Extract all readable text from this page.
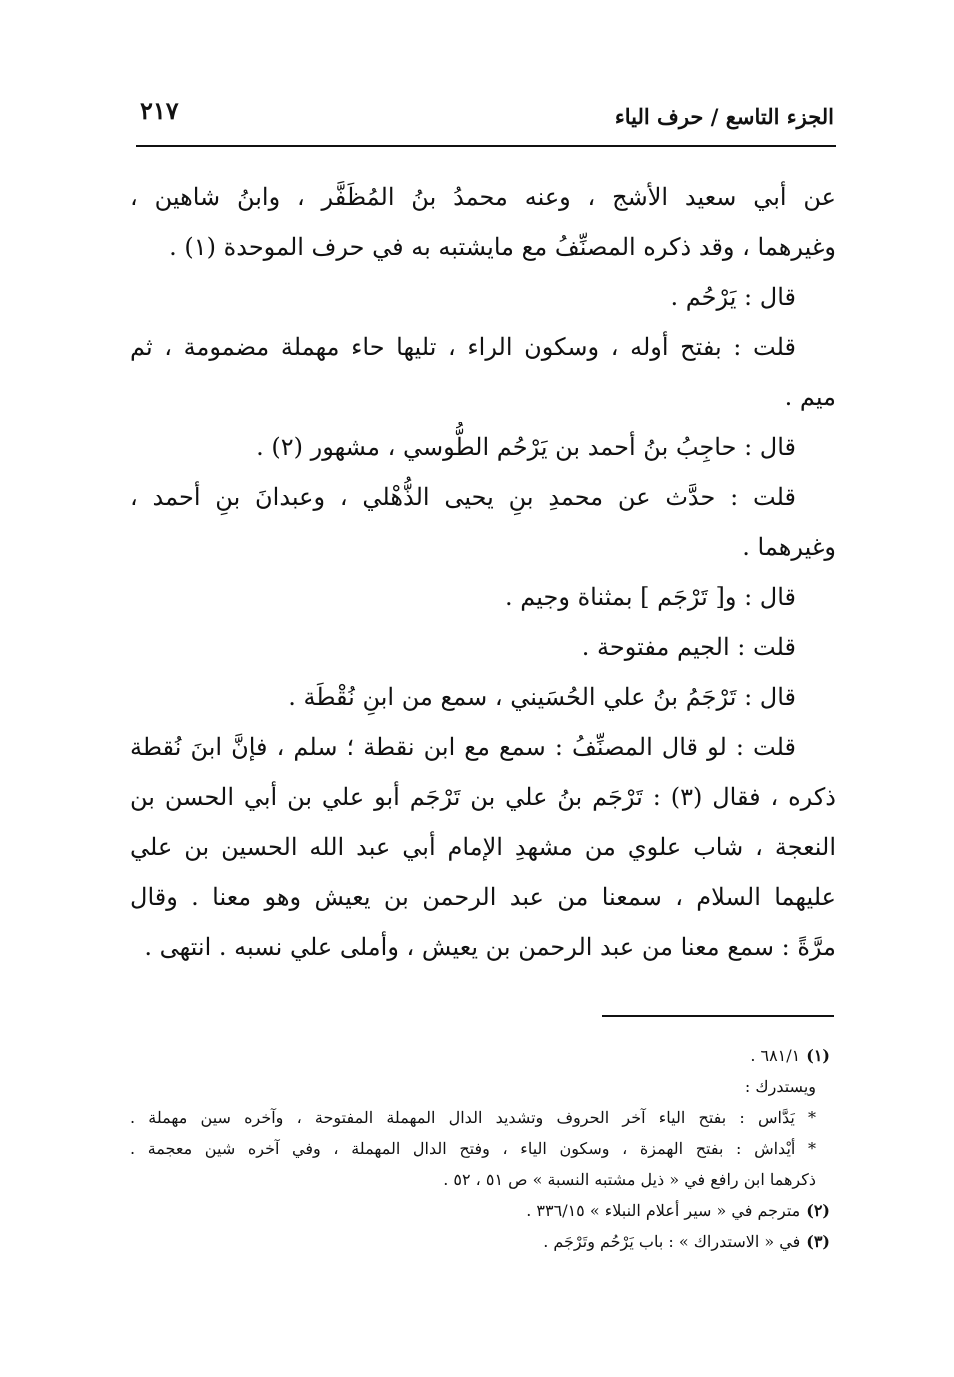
الجزء التاسع / حرف الياء
٢١٧
عن أبي سعيد الأشج ، وعنه محمدُ بنُ المُظَفَّر ، وابنُ شاهين ،
وغيرهما ، وقد ذكره المصنِّفُ مع مايشتبه به في حرف الموحدة (١) .
قال : يَرْحُم .
قلت : بفتح أوله ، وسكون الراء ، تليها حاء مهملة مضمومة ، ثم
ميم .
قال : حاجِبُ بنُ أحمد بن يَرْحُم الطُّوسي ، مشهور (٢) .
قلت : حدَّث عن محمدِ بنِ يحيى الذُّهْلي ، وعبدانَ بنِ أحمد ،
وغيرهما .
قال : و[ تَرْجَم ] بمثناة وجيم .
قلت : الجيم مفتوحة .
قال : تَرْجَمُ بنُ علي الحُسَيني ، سمع من ابنِ نُقْطَة .
قلت : لو قال المصنِّفُ : سمع مع ابن نقطة ؛ سلم ، فإنَّ ابنَ نُقطة
ذكره ، فقال (٣) : تَرْجَم بنُ علي بن تَرْجَم أبو علي بن أبي الحسن بن
النعجة ، شاب علوي من مشهدِ الإمام أبي عبد الله الحسين بن علي
عليهما السلام ، سمعنا من عبد الرحمن بن يعيش وهو معنا . وقال
مرَّةً : سمع معنا من عبد الرحمن بن يعيش ، وأملى علي نسبه . انتهى .
(١)٦٨١/١ .
ويستدرك :
* يَدَّاس : بفتح الياء آخر الحروف وتشديد الدال المهملة المفتوحة ، وآخره سين مهملة .
* أيْداش : بفتح الهمزة ، وسكون الياء ، وفتح الدال المهملة ، وفي آخره شين معجمة .
ذكرهما ابن رافع في « ذيل مشتبه النسبة » ص ٥١ ، ٥٢ .
(٢)مترجم في « سير أعلام النبلاء » ٣٣٦/١٥ .
(٣)في « الاستدراك » : باب يَرْحُم وتَرْجَم .
